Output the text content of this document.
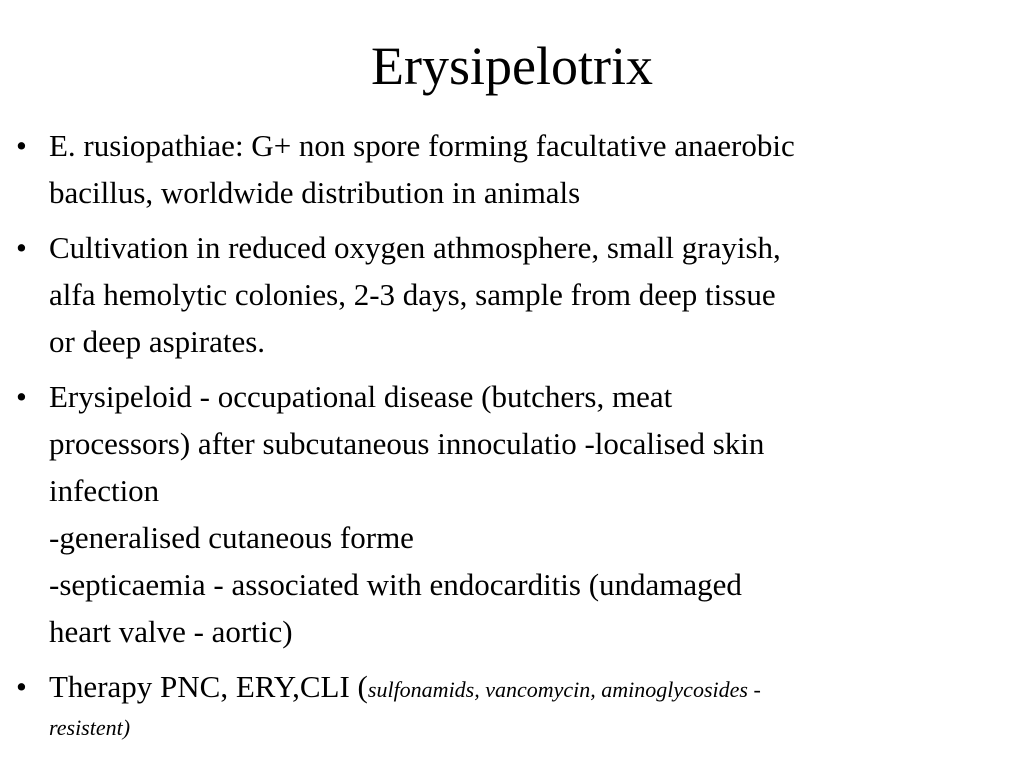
Erysipelotrix
• E. rusiopathiae: G+ non spore forming facultative anaerobic
bacillus, worldwide distribution in animals
• Cultivation in reduced oxygen athmosphere, small grayish,
alfa hemolytic colonies, 2-3 days, sample from deep tissue
or deep aspirates.
• Erysipeloid - occupational disease (butchers, meat
processors) after subcutaneous innoculatio -localised skin
infection
-generalised cutaneous forme
-septicaemia - associated with endocarditis (undamaged
heart valve - aortic)
• Therapy PNC, ERY,CLI (sulfonamids, vancomycin, aminoglycosides -
resistent)
